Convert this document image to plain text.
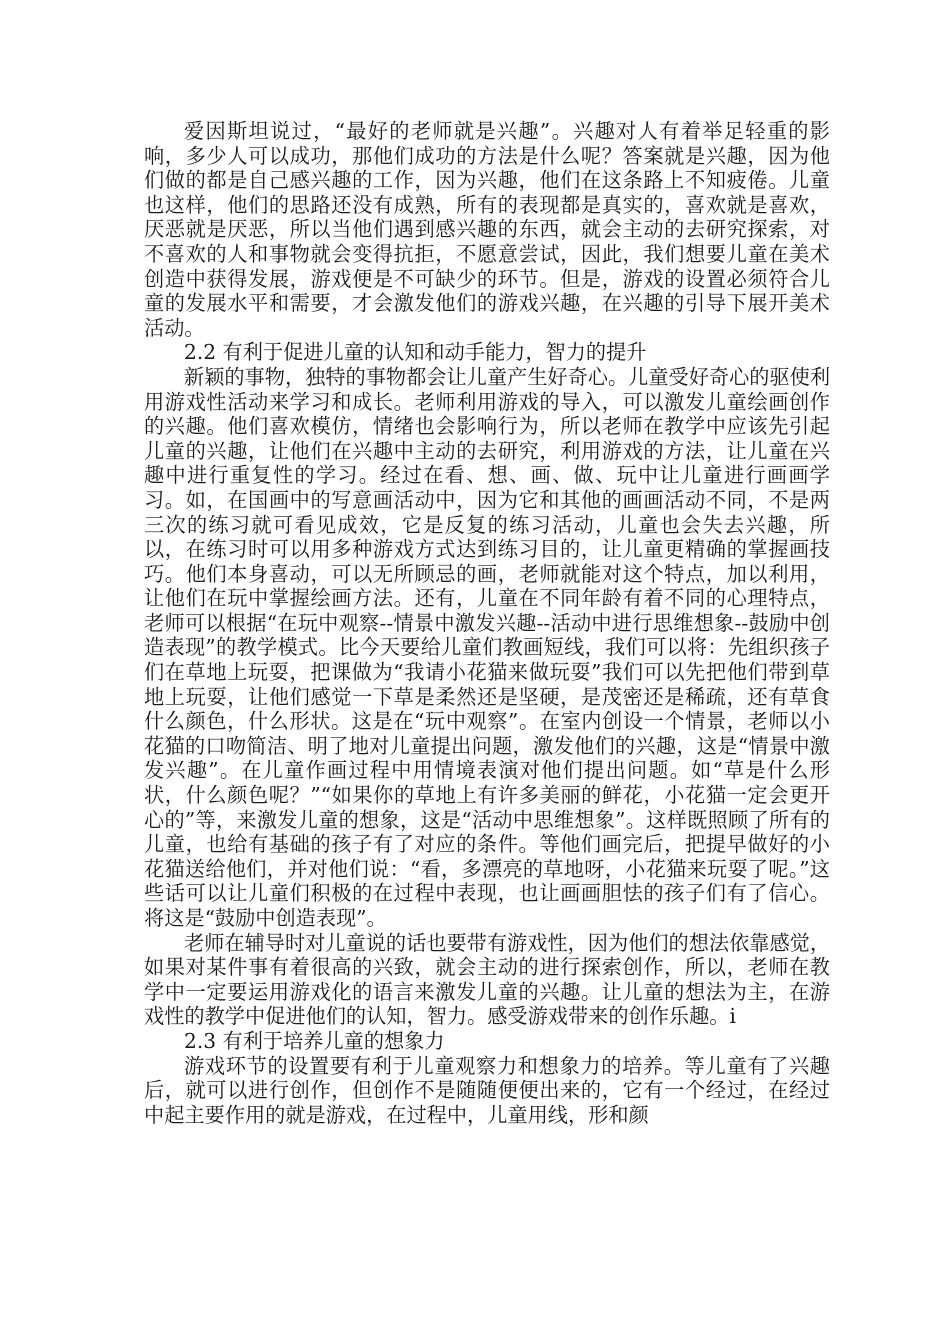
爱因斯坦说过，“最好的老师就是兴趣”。兴趣对人有着举足轻重的影响，多少人可以成功，那他们成功的方法是什么呢？答案就是兴趣，因为他们做的都是自己感兴趣的工作，因为兴趣，他们在这条路上不知疲倦。儿童也这样，他们的思路还没有成熟，所有的表现都是真实的，喜欢就是喜欢，厌恶就是厌恶，所以当他们遇到感兴趣的东西，就会主动的去研究探索，对不喜欢的人和事物就会变得抗拒，不愿意尝试，因此，我们想要儿童在美术创造中获得发展，游戏便是不可缺少的环节。但是，游戏的设置必须符合儿童的发展水平和需要，才会激发他们的游戏兴趣，在兴趣的引导下展开美术活动。

2.2 有利于促进儿童的认知和动手能力，智力的提升

新颖的事物，独特的事物都会让儿童产生好奇心。儿童受好奇心的驱使利用游戏性活动来学习和成长。老师利用游戏的导入，可以激发儿童绘画创作的兴趣。他们喜欢模仿，情绪也会影响行为，所以老师在教学中应该先引起儿童的兴趣，让他们在兴趣中主动的去研究，利用游戏的方法，让儿童在兴趣中进行重复性的学习。经过在看、想、画、做、玩中让儿童进行画画学习。如，在国画中的写意画活动中，因为它和其他的画画活动不同，不是两三次的练习就可看见成效，它是反复的练习活动，儿童也会失去兴趣，所以，在练习时可以用多种游戏方式达到练习目的，让儿童更精确的掌握画技巧。他们本身喜动，可以无所顾忌的画，老师就能对这个特点，加以利用，让他们在玩中掌握绘画方法。还有，儿童在不同年龄有着不同的心理特点，老师可以根据“在玩中观察--情景中激发兴趣--活动中进行思维想象--鼓励中创造表现”的教学模式。比今天要给儿童们教画短线，我们可以将：先组织孩子们在草地上玩耍，把课做为“我请小花猫来做玩耍”我们可以先把他们带到草地上玩耍，让他们感觉一下草是柔然还是坚硬，是茂密还是稀疏，还有草食什么颜色，什么形状。这是在“玩中观察”。在室内创设一个情景，老师以小花猫的口吻简洁、明了地对儿童提出问题，激发他们的兴趣，这是“情景中激发兴趣”。在儿童作画过程中用情境表演对他们提出问题。如“草是什么形状，什么颜色呢？”“如果你的草地上有许多美丽的鲜花，小花猫一定会更开心的”等，来激发儿童的想象，这是“活动中思维想象”。这样既照顾了所有的儿童，也给有基础的孩子有了对应的条件。等他们画完后，把提早做好的小花猫送给他们，并对他们说：“看，多漂亮的草地呀，小花猫来玩耍了呢。”这些话可以让儿童们积极的在过程中表现，也让画画胆怯的孩子们有了信心。将这是“鼓励中创造表现”。

老师在辅导时对儿童说的话也要带有游戏性，因为他们的想法依靠感觉，如果对某件事有着很高的兴致，就会主动的进行探索创作，所以，老师在教学中一定要运用游戏化的语言来激发儿童的兴趣。让儿童的想法为主，在游戏性的教学中促进他们的认知，智力。感受游戏带来的创作乐趣。i

2.3 有利于培养儿童的想象力

游戏环节的设置要有利于儿童观察力和想象力的培养。等儿童有了兴趣后，就可以进行创作，但创作不是随随便便出来的，它有一个经过，在经过中起主要作用的就是游戏，在过程中，儿童用线，形和颜
